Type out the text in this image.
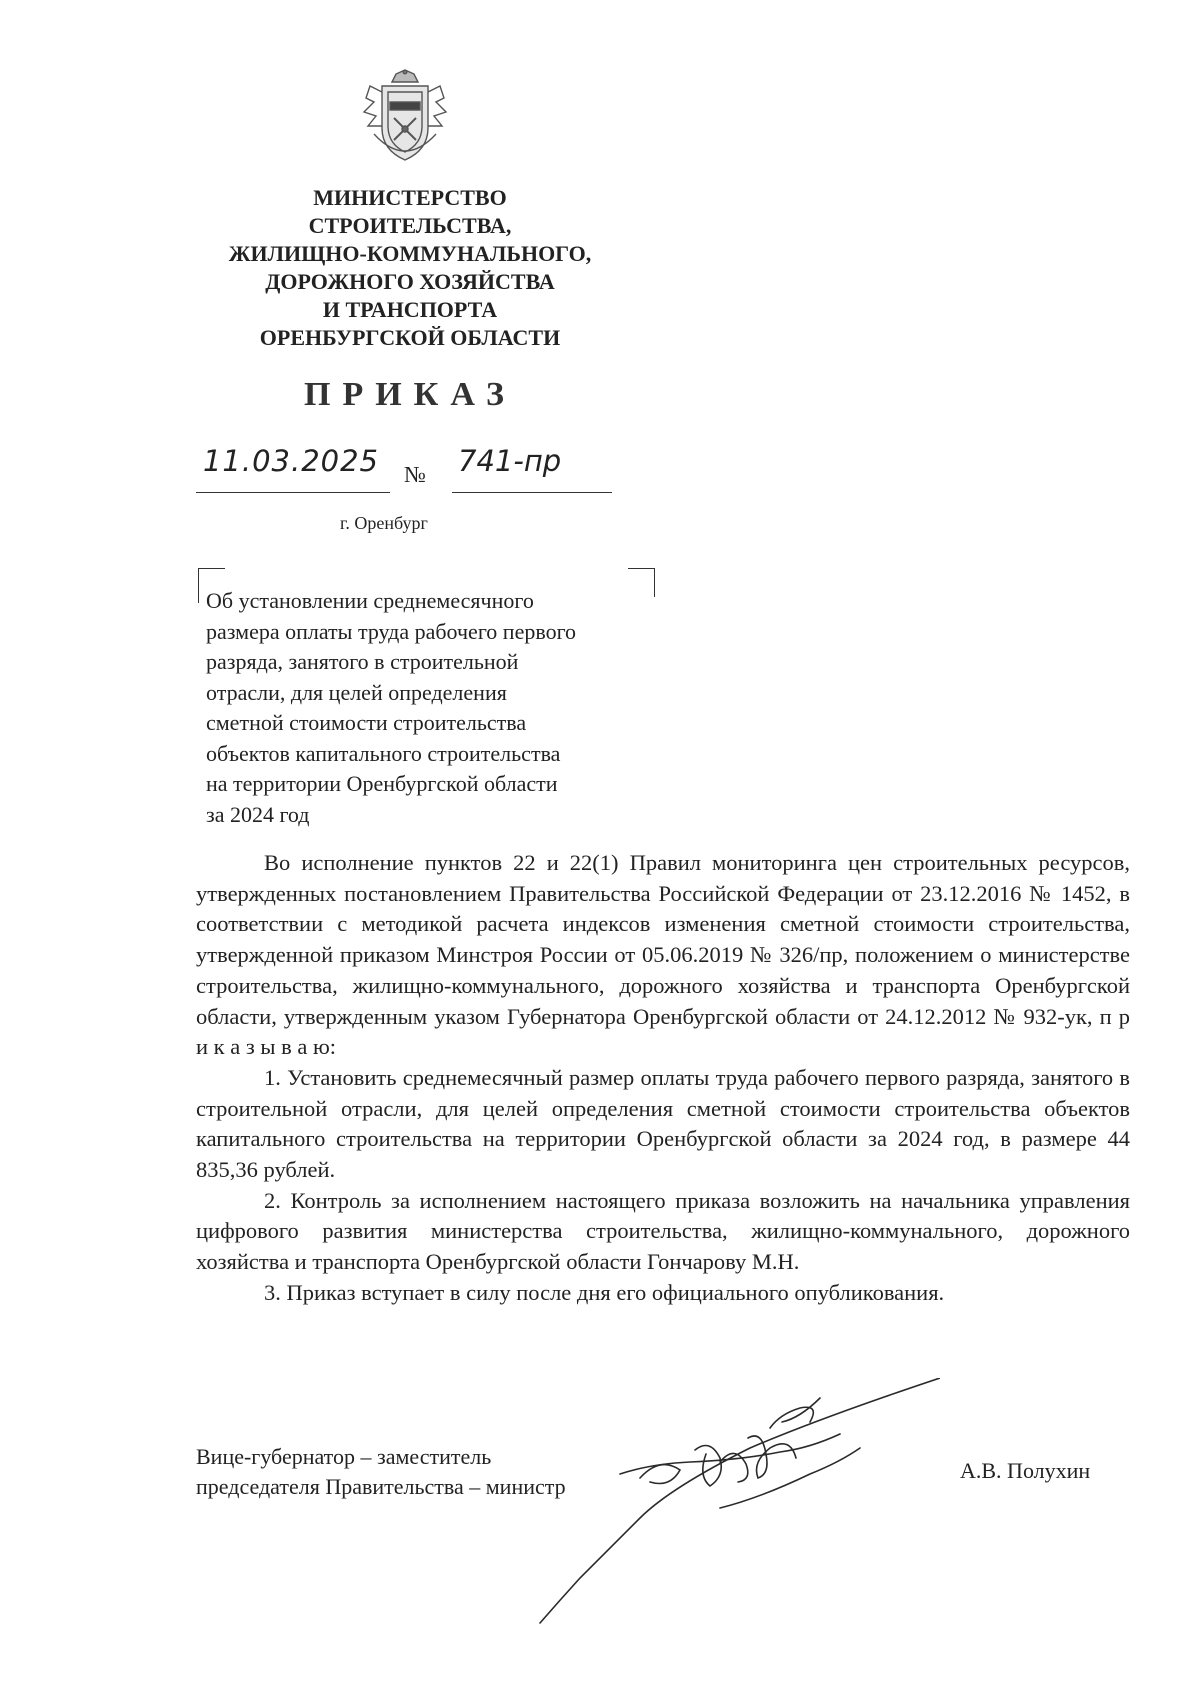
МИНИСТЕРСТВО
СТРОИТЕЛЬСТВА,
ЖИЛИЩНО-КОММУНАЛЬНОГО,
ДОРОЖНОГО ХОЗЯЙСТВА
И ТРАНСПОРТА
ОРЕНБУРГСКОЙ ОБЛАСТИ
ПРИКАЗ
11.03.2025	№ 741-пр
г. Оренбург
Об установлении среднемесячного
размера оплаты труда рабочего первого
разряда, занятого в строительной
отрасли, для целей определения
сметной стоимости строительства
объектов капитального строительства
на территории Оренбургской области
за 2024 год

Во исполнение пунктов 22 и 22(1) Правил мониторинга цен строительных ресурсов, утвержденных постановлением Правительства Российской Федерации от 23.12.2016 № 1452, в соответствии с методикой расчета индексов изменения сметной стоимости строительства, утвержденной приказом Минстроя России от 05.06.2019 № 326/пр, положением о министерстве строительства, жилищно-коммунального, дорожного хозяйства и транспорта Оренбургской области, утвержденным указом Губернатора Оренбургской области от 24.12.2012 № 932-ук, п р и к а з ы в а ю:

1. Установить среднемесячный размер оплаты труда рабочего первого разряда, занятого в строительной отрасли, для целей определения сметной стоимости строительства объектов капитального строительства на территории Оренбургской области за 2024 год, в размере 44 835,36 рублей.

2. Контроль за исполнением настоящего приказа возложить на начальника управления цифрового развития министерства строительства, жилищно-коммунального, дорожного хозяйства и транспорта Оренбургской области Гончарову М.Н.

3. Приказ вступает в силу после дня его официального опубликования.

Вице-губернатор – заместитель
председателя Правительства – министр
А.В. Полухин
